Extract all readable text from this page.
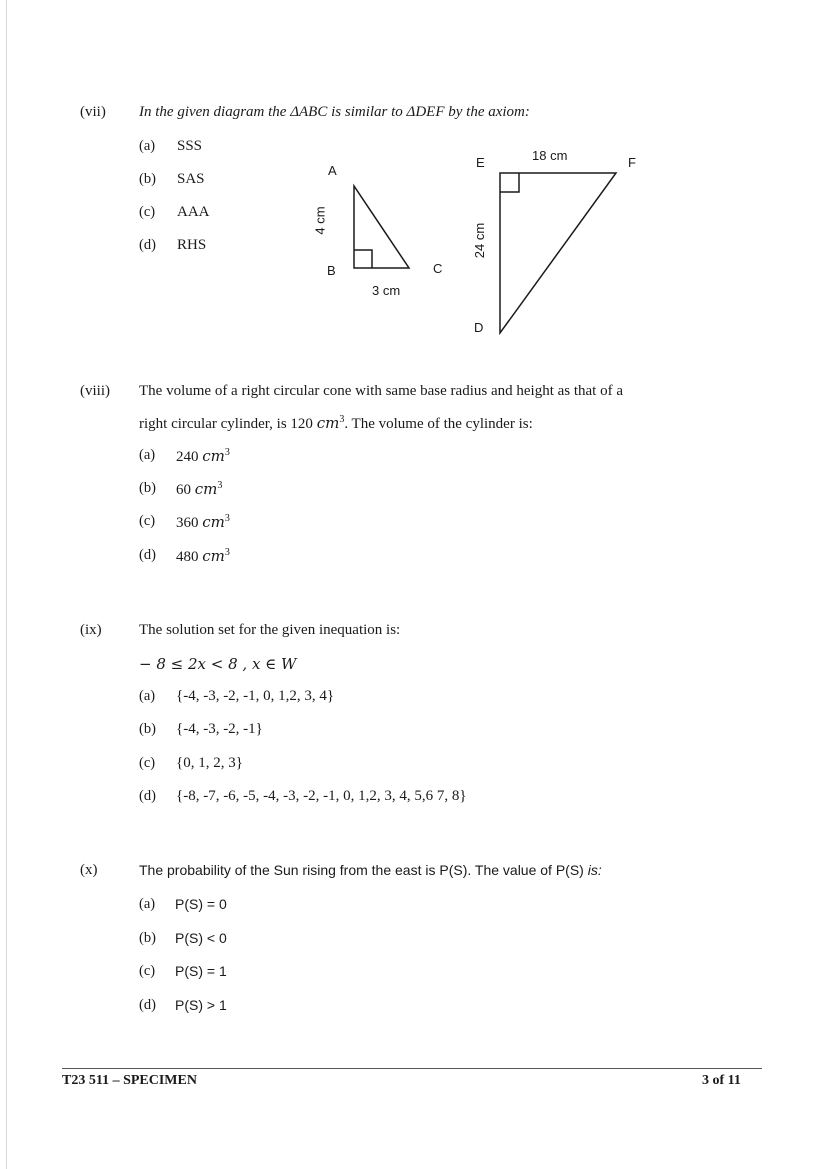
(vii) In the given diagram the ΔABC is similar to ΔDEF by the axiom:
(a) SSS
(b) SAS
(c) AAA
(d) RHS
A
B	C
3 cm
4 cm
E	F
D
18 cm
24 cm
(viii) The volume of a right circular cone with same base radius and height as that of a
right circular cylinder, is 120 $cm^3$. The volume of the cylinder is:
(a) 240 $cm^3$
(b) 60 $cm^3$
(c) 360 $cm^3$
(d) 480 $cm^3$
(ix) The solution set for the given inequation is:
− 8 ≤ 2x < 8 , x ∈ W
(a) {-4, -3, -2, -1, 0, 1,2, 3, 4}
(b) {-4, -3, -2, -1}
(c) {0, 1, 2, 3}
(d) {-8, -7, -6, -5, -4, -3, -2, -1, 0, 1,2, 3, 4, 5,6 7, 8}
(x)	The probability of the Sun rising from the east is P(S). The value of P(S) is:
(a) P(S) = 0
(b) P(S) < 0
(c) P(S) = 1
(d) P(S) > 1
T23 511 – SPECIMEN	3 of 11
